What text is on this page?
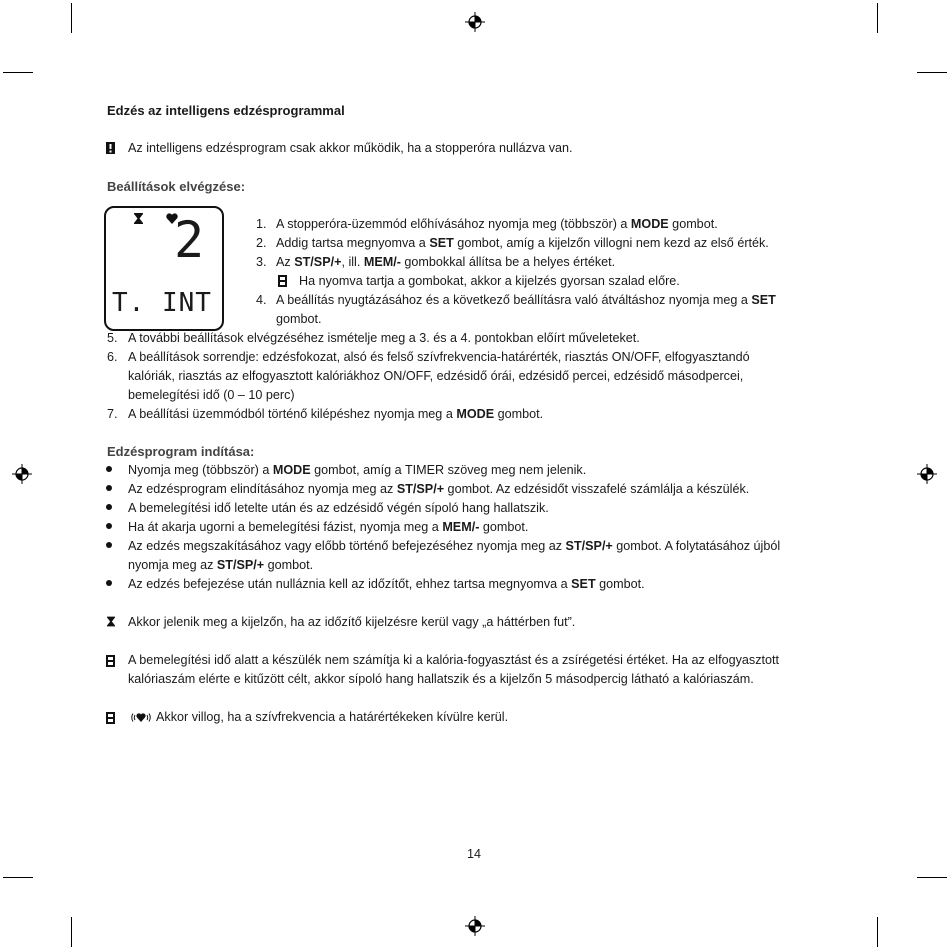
Edzés az intelligens edzésprogrammal
Az intelligens edzésprogram csak akkor működik, ha a stopperóra nullázva van.
Beállítások elvégzése:
2
T. INT
1. A stopperóra-üzemmód előhívásához nyomja meg (többször) a MODE gombot.
2. Addig tartsa megnyomva a SET gombot, amíg a kijelzőn villogni nem kezd az első érték.
3. Az ST/SP/+, ill. MEM/- gombokkal állítsa be a helyes értéket.
Ha nyomva tartja a gombokat, akkor a kijelzés gyorsan szalad előre.
4. A beállítás nyugtázásához és a következő beállításra való átváltáshoz nyomja meg a SET
gombot.
5. A további beállítások elvégzéséhez ismételje meg a 3. és a 4. pontokban előírt műveleteket.
6. A beállítások sorrendje: edzésfokozat, alsó és felső szívfrekvencia-határérték, riasztás ON/OFF, elfogyasztandó
kalóriák, riasztás az elfogyasztott kalóriákhoz ON/OFF, edzésidő órái, edzésidő percei, edzésidő másodpercei,
bemelegítési idő (0 – 10 perc)
7. A beállítási üzemmódból történő kilépéshez nyomja meg a MODE gombot.
Edzésprogram indítása:
Nyomja meg (többször) a MODE gombot, amíg a TIMER szöveg meg nem jelenik.
Az edzésprogram elindításához nyomja meg az ST/SP/+ gombot. Az edzésidőt visszafelé számlálja a készülék.
A bemelegítési idő letelte után és az edzésidő végén sípoló hang hallatszik.
Ha át akarja ugorni a bemelegítési fázist, nyomja meg a MEM/- gombot.
Az edzés megszakításához vagy előbb történő befejezéséhez nyomja meg az ST/SP/+ gombot. A folytatásához újból
nyomja meg az ST/SP/+ gombot.
Az edzés befejezése után nulláznia kell az időzítőt, ehhez tartsa megnyomva a SET gombot.
Akkor jelenik meg a kijelzőn, ha az időzítő kijelzésre kerül vagy „a háttérben fut”.
A bemelegítési idő alatt a készülék nem számítja ki a kalória-fogyasztást és a zsírégetési értéket. Ha az elfogyasztott
kalóriaszám elérte e kitűzött célt, akkor sípoló hang hallatszik és a kijelzőn 5 másodpercig látható a kalóriaszám.
Akkor villog, ha a szívfrekvencia a határértékeken kívülre kerül.
14
